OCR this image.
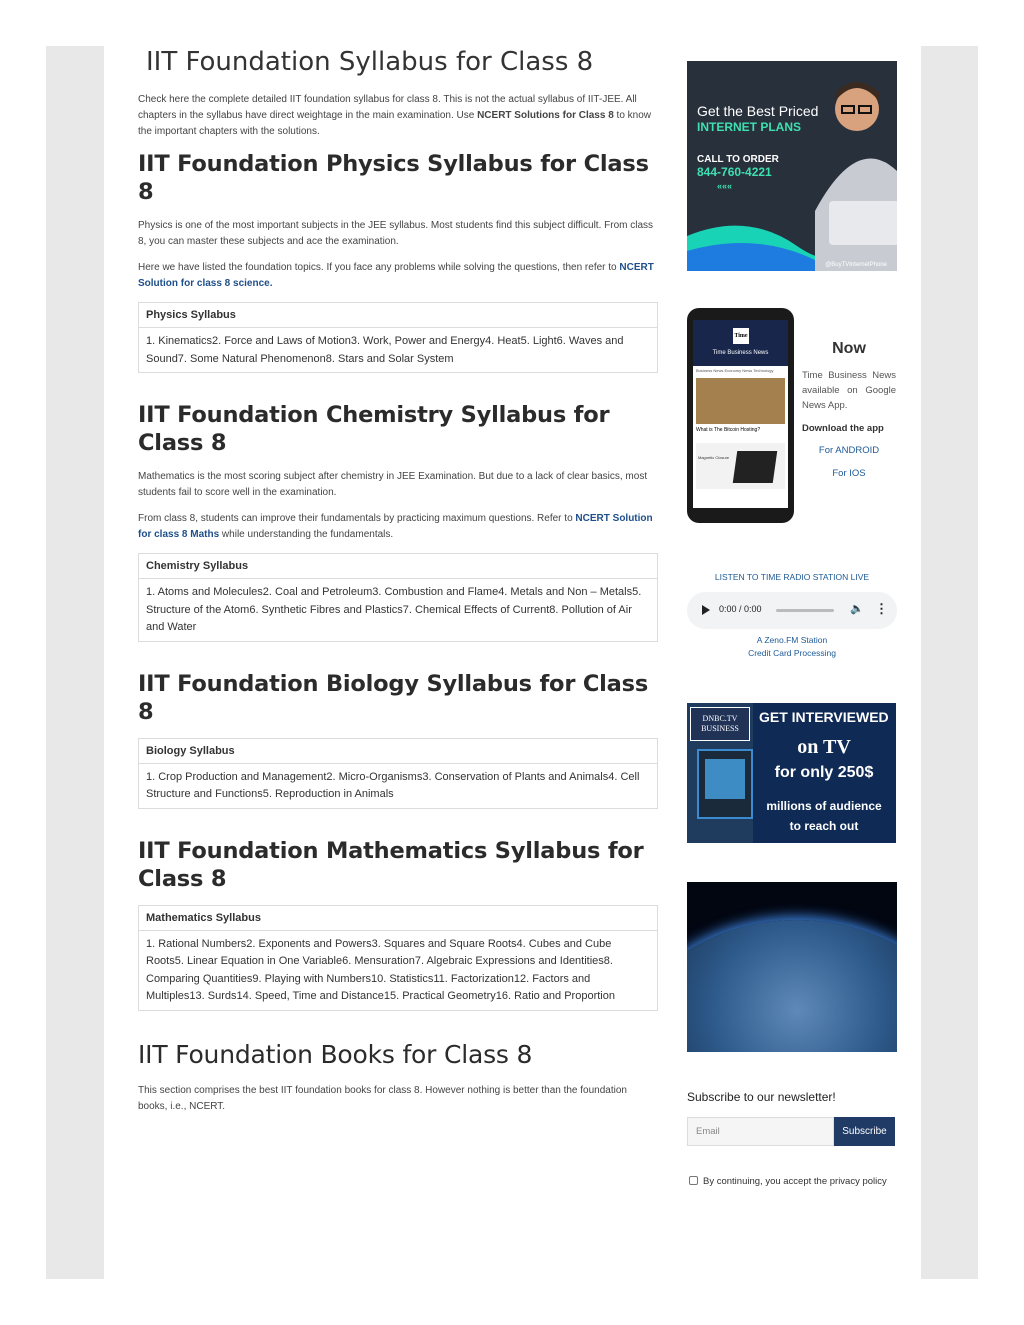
IIT Foundation Syllabus for Class 8

Check here the complete detailed IIT foundation syllabus for class 8. This is not the actual syllabus of IIT-JEE. All chapters in the syllabus have direct weightage in the main examination. Use NCERT Solutions for Class 8 to know the important chapters with the solutions.

IIT Foundation Physics Syllabus for Class 8

Physics is one of the most important subjects in the JEE syllabus. Most students find this subject difficult. From class 8, you can master these subjects and ace the examination.

Here we have listed the foundation topics. If you face any problems while solving the questions, then refer to NCERT Solution for class 8 science.

Physics Syllabus
1. Kinematics2. Force and Laws of Motion3. Work, Power and Energy4. Heat5. Light6. Waves and Sound7. Some Natural Phenomenon8. Stars and Solar System
IIT Foundation Chemistry Syllabus for Class 8

Mathematics is the most scoring subject after chemistry in JEE Examination. But due to a lack of clear basics, most students fail to score well in the examination.

From class 8, students can improve their fundamentals by practicing maximum questions. Refer to NCERT Solution for class 8 Maths while understanding the fundamentals.

Chemistry Syllabus
1. Atoms and Molecules2. Coal and Petroleum3. Combustion and Flame4. Metals and Non – Metals5. Structure of the Atom6. Synthetic Fibres and Plastics7. Chemical Effects of Current8. Pollution of Air and Water
IIT Foundation Biology Syllabus for Class 8
Biology Syllabus
1. Crop Production and Management2. Micro-Organisms3. Conservation of Plants and Animals4. Cell Structure and Functions5. Reproduction in Animals
IIT Foundation Mathematics Syllabus for Class 8
Mathematics Syllabus
1. Rational Numbers2. Exponents and Powers3. Squares and Square Roots4. Cubes and Cube Roots5. Linear Equation in One Variable6. Mensuration7. Algebraic Expressions and Identities8. Comparing Quantities9. Playing with Numbers10. Statistics11. Factorization12. Factors and Multiples13. Surds14. Speed, Time and Distance15. Practical Geometry16. Ratio and Proportion
IIT Foundation Books for Class 8

This section comprises the best IIT foundation books for class 8. However nothing is better than the foundation books, i.e., NCERT.

Get the Best Priced
INTERNET PLANS
CALL TO ORDER
844-760-4221
«««
@BuyTVInternetPhone
Time
Time Business News
Business News Economy News Technology
What is The Bitcoin Hosting?
Magnetic Closure
Now
Time Business News available on Google News App.
Download the app
For ANDROID
For IOS
LISTEN TO TIME RADIO STATION LIVE
0:00 / 0:00	🔈 ⋮
A Zeno.FM Station
Credit Card Processing
DNBC.TV BUSINESS
GET INTERVIEWED
on TV
for only 250$
millions of audience
to reach out
Subscribe to our newsletter!
Email	Subscribe
By continuing, you accept the privacy policy
